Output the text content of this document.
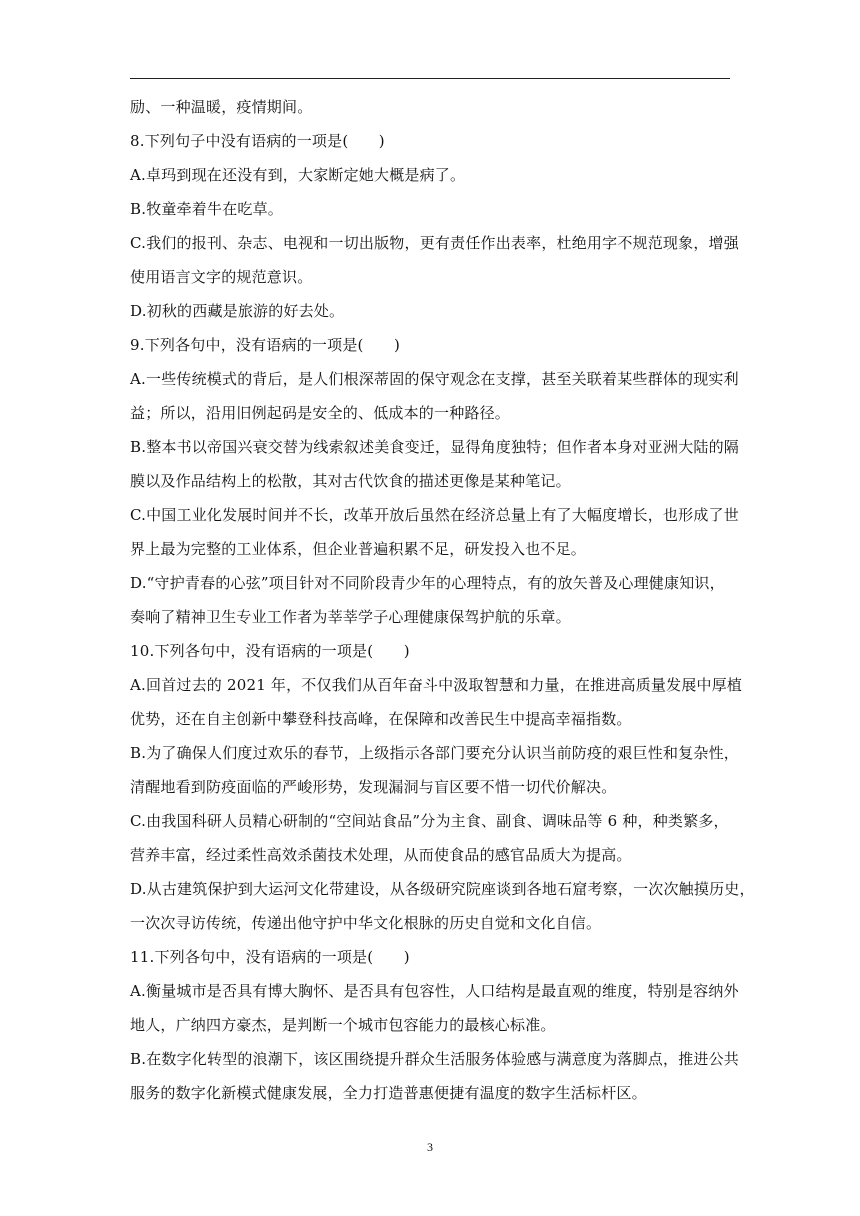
励、一种温暖，疫情期间。
8.下列句子中没有语病的一项是(　　)
A.卓玛到现在还没有到，大家断定她大概是病了。
B.牧童牵着牛在吃草。
C.我们的报刊、杂志、电视和一切出版物，更有责任作出表率，杜绝用字不规范现象，增强
使用语言文字的规范意识。
D.初秋的西藏是旅游的好去处。
9.下列各句中，没有语病的一项是(　　)
A.一些传统模式的背后，是人们根深蒂固的保守观念在支撑，甚至关联着某些群体的现实利
益；所以，沿用旧例起码是安全的、低成本的一种路径。
B.整本书以帝国兴衰交替为线索叙述美食变迁，显得角度独特；但作者本身对亚洲大陆的隔
膜以及作品结构上的松散，其对古代饮食的描述更像是某种笔记。
C.中国工业化发展时间并不长，改革开放后虽然在经济总量上有了大幅度增长，也形成了世
界上最为完整的工业体系，但企业普遍积累不足，研发投入也不足。
D.“守护青春的心弦”项目针对不同阶段青少年的心理特点，有的放矢普及心理健康知识，
奏响了精神卫生专业工作者为莘莘学子心理健康保驾护航的乐章。
10.下列各句中，没有语病的一项是(　　)
A.回首过去的 2021 年，不仅我们从百年奋斗中汲取智慧和力量，在推进高质量发展中厚植
优势，还在自主创新中攀登科技高峰，在保障和改善民生中提高幸福指数。
B.为了确保人们度过欢乐的春节，上级指示各部门要充分认识当前防疫的艰巨性和复杂性，
清醒地看到防疫面临的严峻形势，发现漏洞与盲区要不惜一切代价解决。
C.由我国科研人员精心研制的“空间站食品”分为主食、副食、调味品等 6 种，种类繁多，
营养丰富，经过柔性高效杀菌技术处理，从而使食品的感官品质大为提高。
D.从古建筑保护到大运河文化带建设，从各级研究院座谈到各地石窟考察，一次次触摸历史，
一次次寻访传统，传递出他守护中华文化根脉的历史自觉和文化自信。
11.下列各句中，没有语病的一项是(　　)
A.衡量城市是否具有博大胸怀、是否具有包容性，人口结构是最直观的维度，特别是容纳外
地人，广纳四方豪杰，是判断一个城市包容能力的最核心标准。
B.在数字化转型的浪潮下，该区围绕提升群众生活服务体验感与满意度为落脚点，推进公共
服务的数字化新模式健康发展，全力打造普惠便捷有温度的数字生活标杆区。
3
